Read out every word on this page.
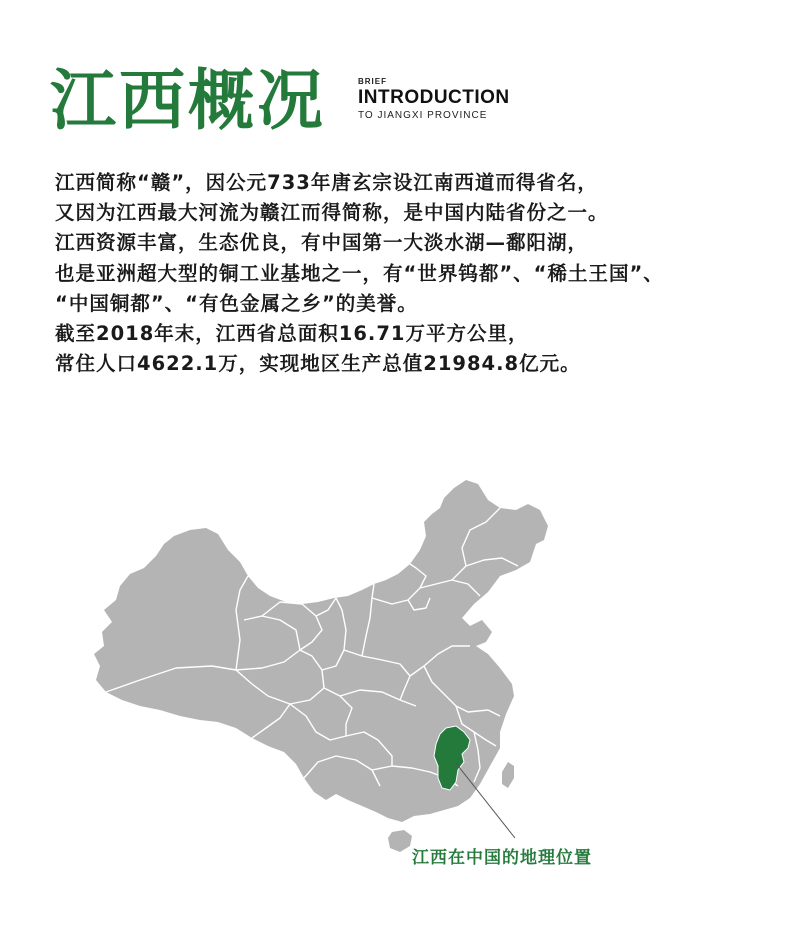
江西概况	BRIEF
INTRODUCTION
TO JIANGXI PROVINCE
江西简称“赣”，因公元733年唐玄宗设江南西道而得省名，
又因为江西最大河流为赣江而得简称，是中国内陆省份之一。
江西资源丰富，生态优良，有中国第一大淡水湖—鄱阳湖，
也是亚洲超大型的铜工业基地之一，有“世界钨都”、“稀土王国”、
“中国铜都”、“有色金属之乡”的美誉。
截至2018年末，江西省总面积16.71万平方公里，
常住人口4622.1万，实现地区生产总值21984.8亿元。
江西在中国的地理位置
